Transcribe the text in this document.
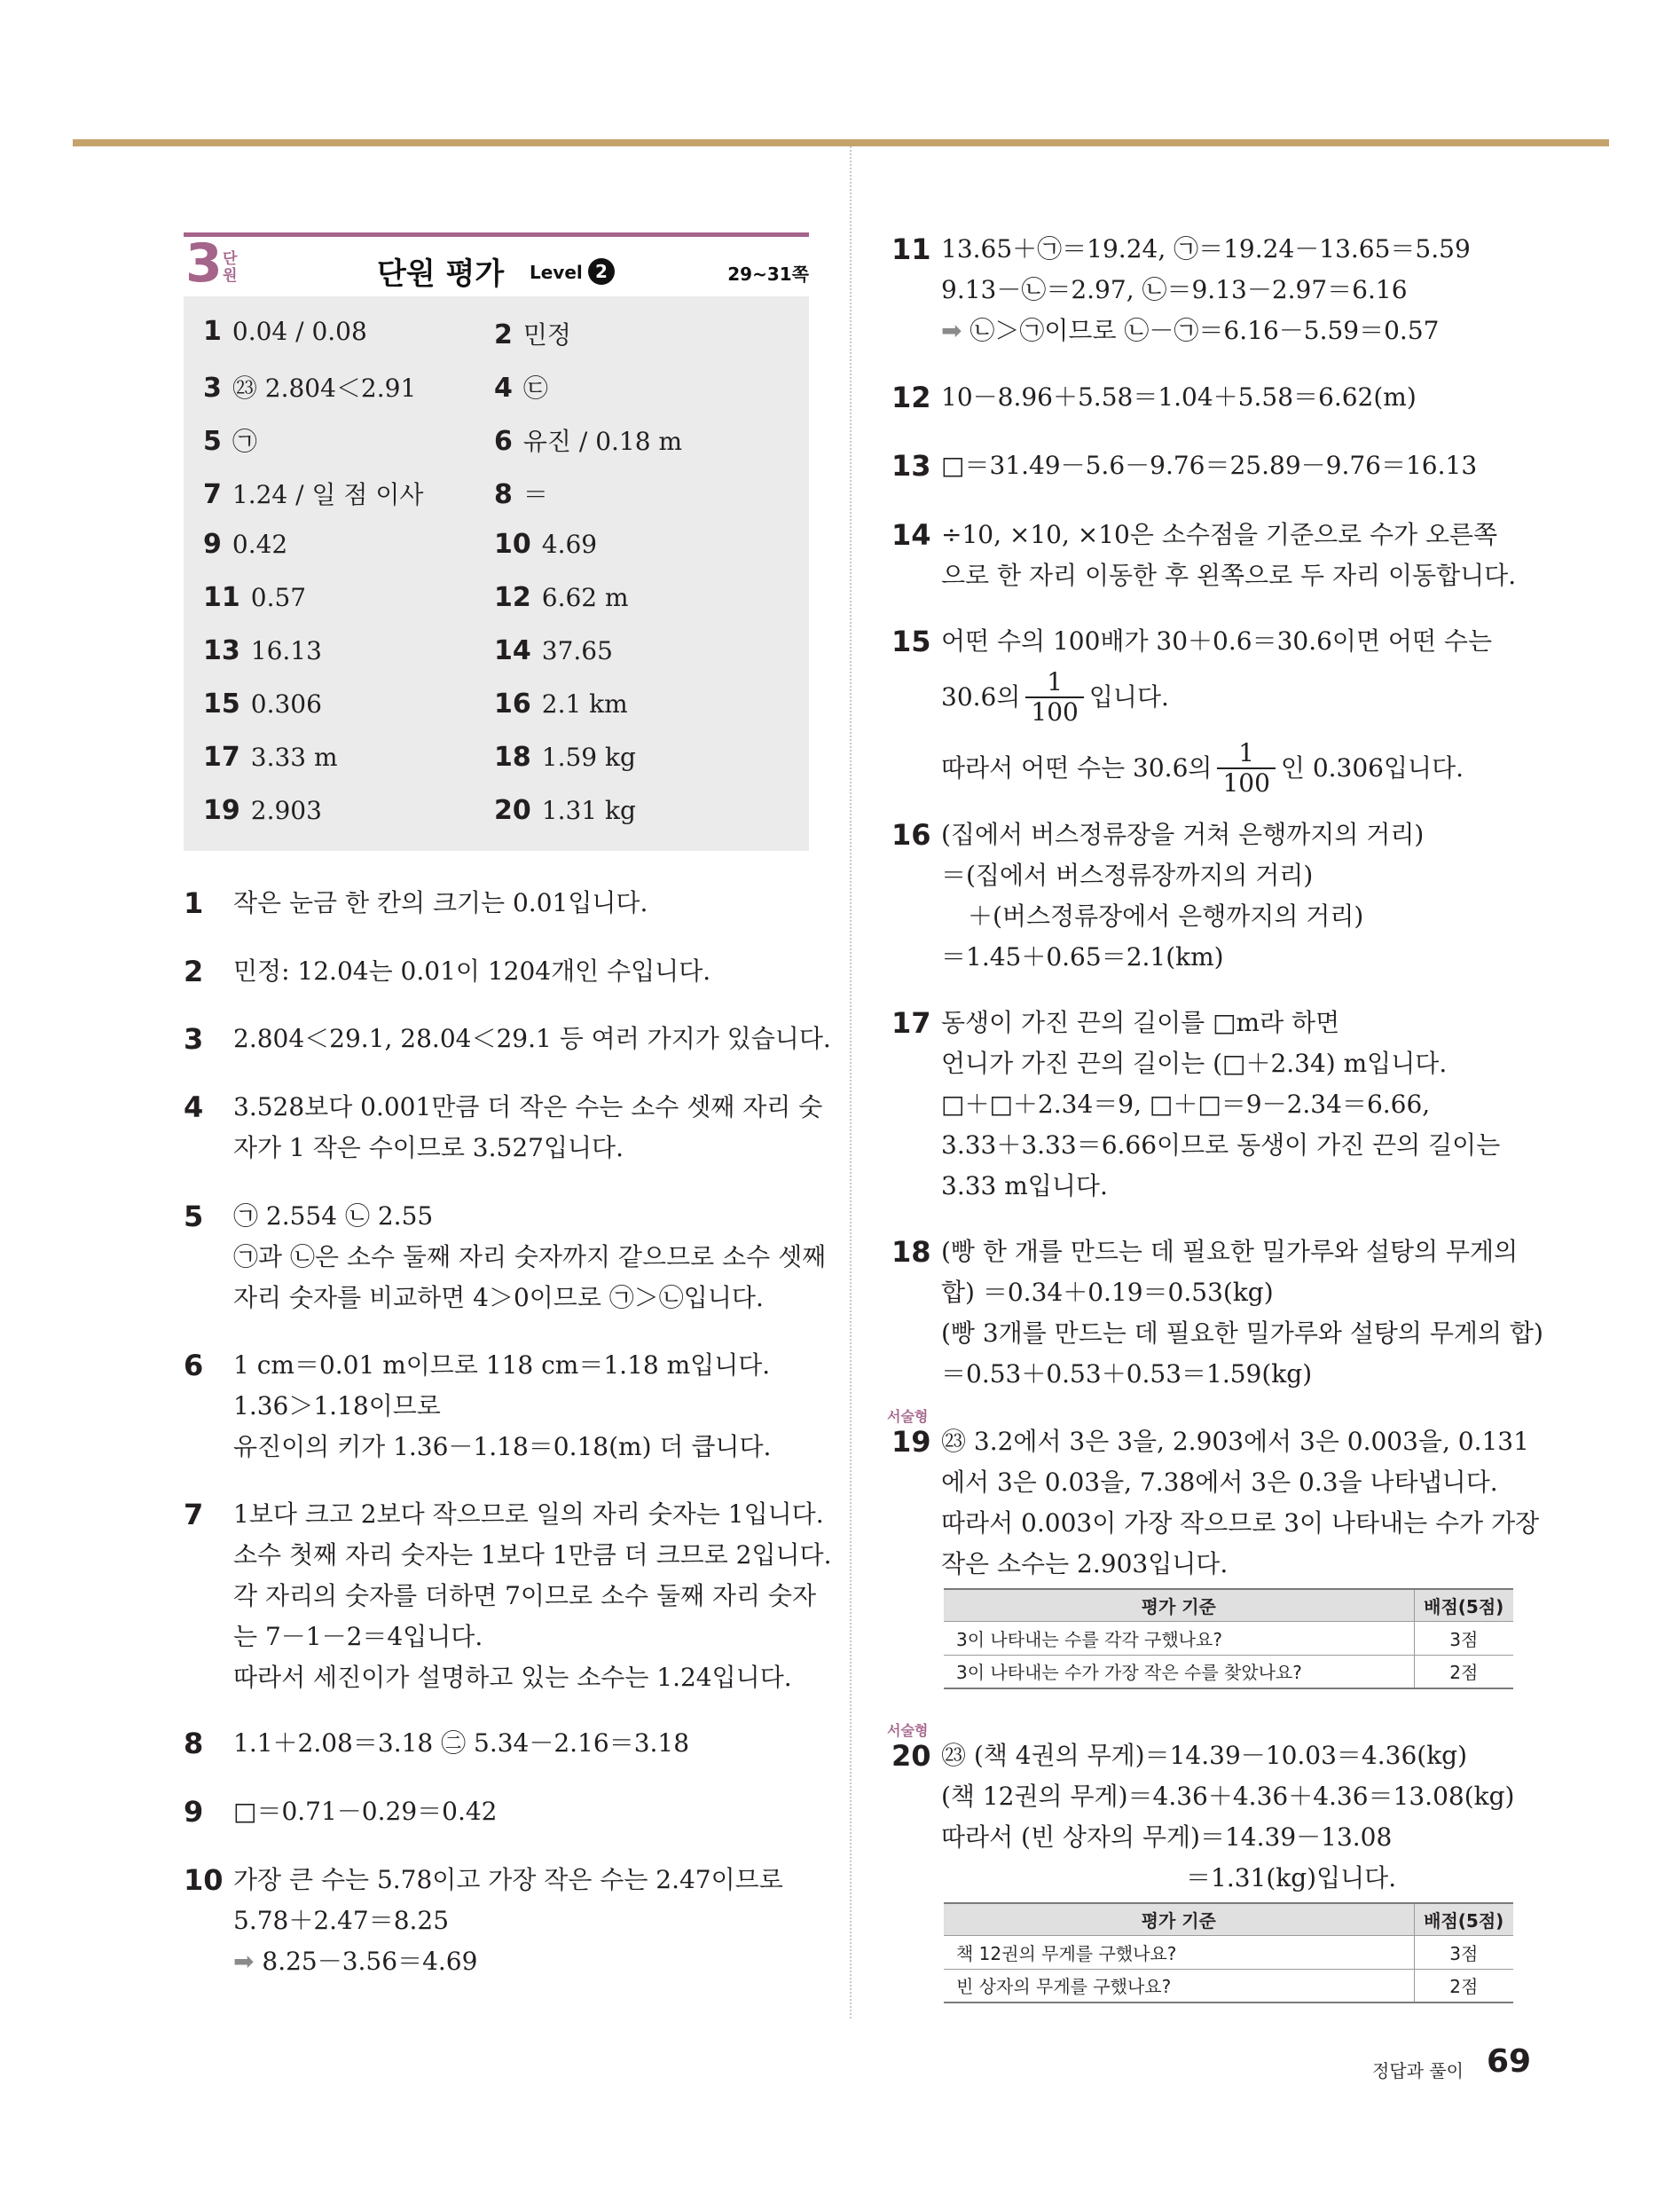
3 단원	단원 평가 Level 2	29~31쪽
1 0.04 / 0.08	2 민정
3 ㉓ 2.804＜2.91	4 ㉢
5 ㉠	6 유진 / 0.18 m
7 1.24 / 일 점 이사	8 ＝
9 0.42	10 4.69
11 0.57	12 6.62 m
13 16.13	14 37.65
15 0.306	16 2.1 km
17 3.33 m	18 1.59 kg
19 2.903	20 1.31 kg
1	작은 눈금 한 칸의 크기는 0.01입니다.
2	민정: 12.04는 0.01이 1204개인 수입니다.
3	2.804＜29.1, 28.04＜29.1 등 여러 가지가 있습니다.
4	3.528보다 0.001만큼 더 작은 수는 소수 셋째 자리 숫
자가 1 작은 수이므로 3.527입니다.
5	㉠ 2.554 ㉡ 2.55
㉠과 ㉡은 소수 둘째 자리 숫자까지 같으므로 소수 셋째
자리 숫자를 비교하면 4＞0이므로 ㉠＞㉡입니다.
6	1 cm＝0.01 m이므로 118 cm＝1.18 m입니다.
1.36＞1.18이므로
유진이의 키가 1.36－1.18＝0.18(m) 더 큽니다.
7	1보다 크고 2보다 작으므로 일의 자리 숫자는 1입니다.
소수 첫째 자리 숫자는 1보다 1만큼 더 크므로 2입니다.
각 자리의 숫자를 더하면 7이므로 소수 둘째 자리 숫자
는 7－1－2＝4입니다.
따라서 세진이가 설명하고 있는 소수는 1.24입니다.
8	1.1＋2.08＝3.18 ㊁ 5.34－2.16＝3.18
9	□＝0.71－0.29＝0.42
10 가장 큰 수는 5.78이고 가장 작은 수는 2.47이므로
5.78＋2.47＝8.25
➡ 8.25－3.56＝4.69
11 13.65＋㉠＝19.24, ㉠＝19.24－13.65＝5.59
9.13－㉡＝2.97, ㉡＝9.13－2.97＝6.16
➡ ㉡＞㉠이므로 ㉡－㉠＝6.16－5.59＝0.57
12 10－8.96＋5.58＝1.04＋5.58＝6.62(m)
13 □＝31.49－5.6－9.76＝25.89－9.76＝16.13
14 ÷10, ×10, ×10은 소수점을 기준으로 수가 오른쪽
으로 한 자리 이동한 후 왼쪽으로 두 자리 이동합니다.
15 어떤 수의 100배가 30＋0.6＝30.6이면 어떤 수는
30.6의 $\frac{1}{100}$ 입니다.
따라서 어떤 수는 30.6의 $\frac{1}{100}$ 인 0.306입니다.
16 (집에서 버스정류장을 거쳐 은행까지의 거리)
＝(집에서 버스정류장까지의 거리)
＋(버스정류장에서 은행까지의 거리)
＝1.45＋0.65＝2.1(km)
17 동생이 가진 끈의 길이를 □m라 하면
언니가 가진 끈의 길이는 (□＋2.34) m입니다.
□＋□＋2.34＝9, □＋□＝9－2.34＝6.66,
3.33＋3.33＝6.66이므로 동생이 가진 끈의 길이는
3.33 m입니다.
18 (빵 한 개를 만드는 데 필요한 밀가루와 설탕의 무게의
합) ＝0.34＋0.19＝0.53(kg)
(빵 3개를 만드는 데 필요한 밀가루와 설탕의 무게의 합)
＝0.53＋0.53＋0.53＝1.59(kg)
서술형
19 ㉓ 3.2에서 3은 3을, 2.903에서 3은 0.003을, 0.131
에서 3은 0.03을, 7.38에서 3은 0.3을 나타냅니다.
따라서 0.003이 가장 작으므로 3이 나타내는 수가 가장
작은 소수는 2.903입니다.
평가 기준	배점(5점)
3이 나타내는 수를 각각 구했나요?	3점
3이 나타내는 수가 가장 작은 수를 찾았나요?	2점
서술형
20 ㉓ (책 4권의 무게)＝14.39－10.03＝4.36(kg)
(책 12권의 무게)＝4.36＋4.36＋4.36＝13.08(kg)
따라서 (빈 상자의 무게)＝14.39－13.08
＝1.31(kg)입니다.
평가 기준	배점(5점)
책 12권의 무게를 구했나요?	3점
빈 상자의 무게를 구했나요?	2점
정답과 풀이 69
